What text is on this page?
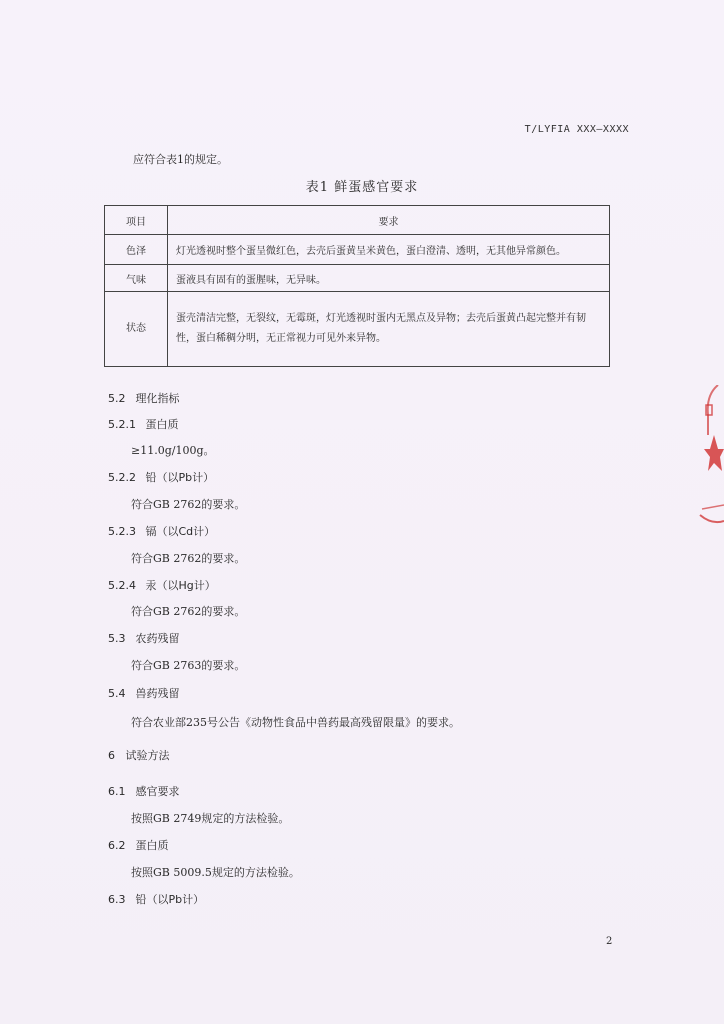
T/LYFIA XXX—XXXX
应符合表1的规定。
表1 鲜蛋感官要求
项目	要求
色泽	灯光透视时整个蛋呈微红色，去壳后蛋黄呈米黄色，蛋白澄清、透明，无其他异常颜色。
气味	蛋液具有固有的蛋腥味，无异味。
状态	蛋壳清洁完整，无裂纹，无霉斑，灯光透视时蛋内无黑点及异物；去壳后蛋黄凸起完整并有韧性，蛋白稀稠分明，无正常视力可见外来异物。
5.2 理化指标
5.2.1 蛋白质
≥11.0g/100g。
5.2.2 铅（以Pb计）
符合GB 2762的要求。
5.2.3 镉（以Cd计）
符合GB 2762的要求。
5.2.4 汞（以Hg计）
符合GB 2762的要求。
5.3 农药残留
符合GB 2763的要求。
5.4 兽药残留
符合农业部235号公告《动物性食品中兽药最高残留限量》的要求。
6 试验方法
6.1 感官要求
按照GB 2749规定的方法检验。
6.2 蛋白质
按照GB 5009.5规定的方法检验。
6.3 铅（以Pb计）
2
